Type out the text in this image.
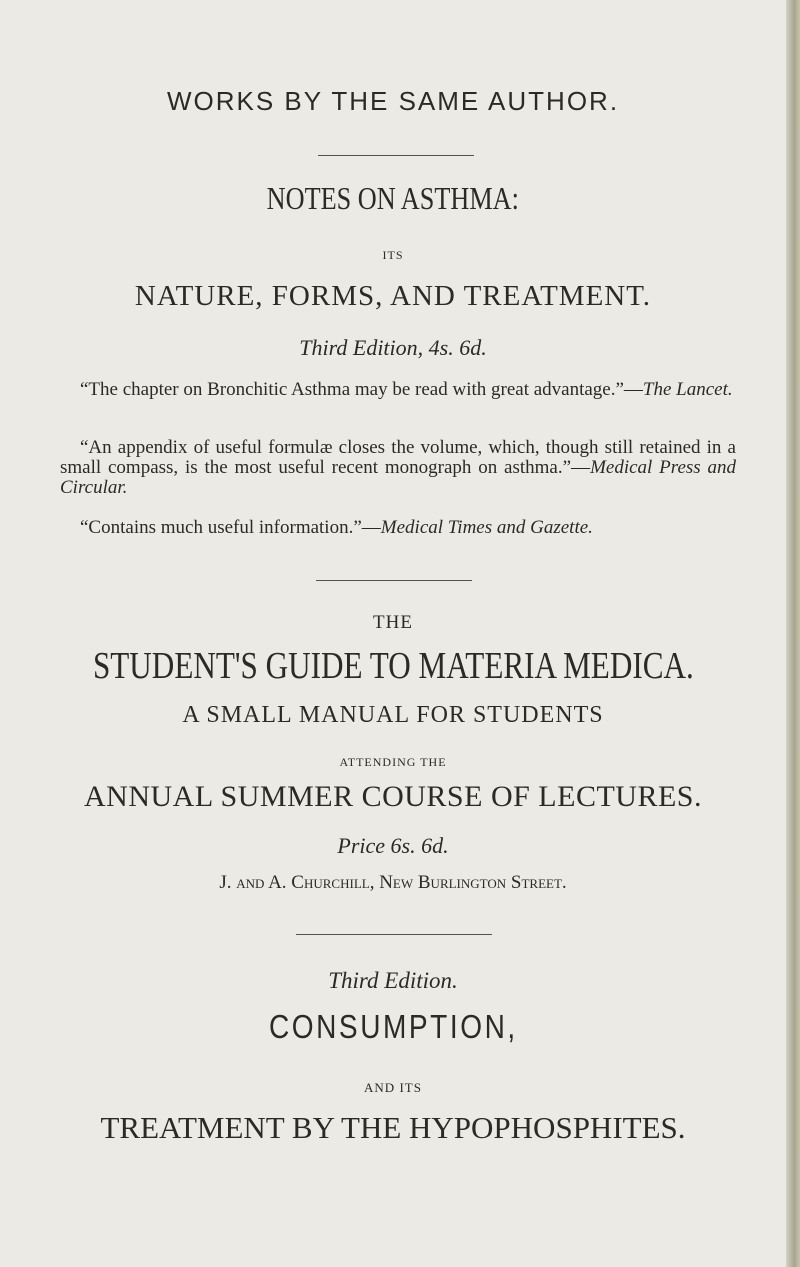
WORKS BY THE SAME AUTHOR.
NOTES ON ASTHMA:
ITS
NATURE, FORMS, AND TREATMENT.
Third Edition, 4s. 6d.
“The chapter on Bronchitic Asthma may be read with great advantage.”—The Lancet.
“An appendix of useful formulæ closes the volume, which, though still retained in a small compass, is the most useful recent monograph on asthma.”—Medical Press and Circular.
“Contains much useful information.”—Medical Times and Gazette.
THE
STUDENT'S GUIDE TO MATERIA MEDICA.
A SMALL MANUAL FOR STUDENTS
ATTENDING THE
ANNUAL SUMMER COURSE OF LECTURES.
Price 6s. 6d.
J. and A. Churchill, New Burlington Street.
Third Edition.
CONSUMPTION,
AND ITS
TREATMENT BY THE HYPOPHOSPHITES.
